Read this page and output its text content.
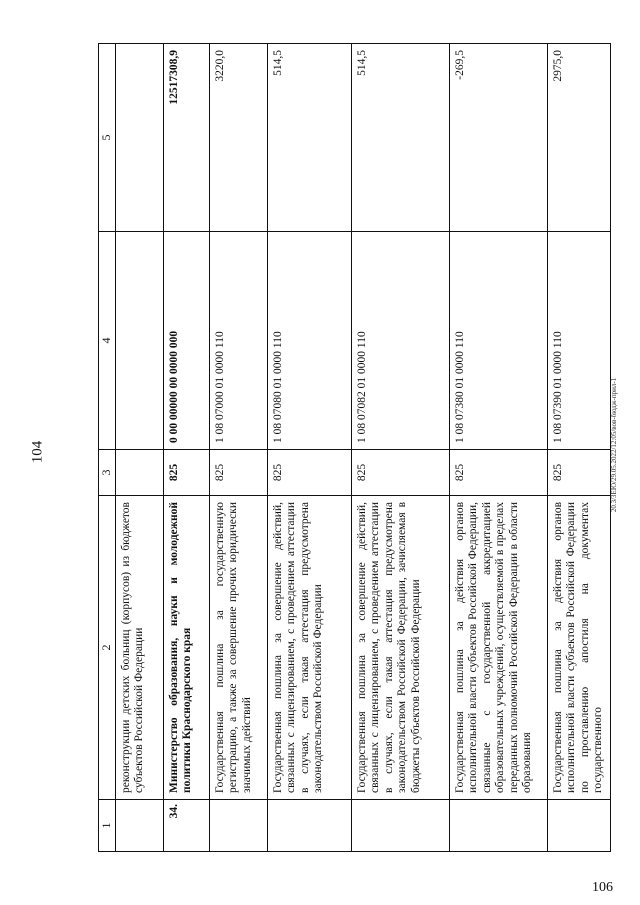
104
1	2	3	4	5
	реконструкции детских больниц (корпусов) из бюджетов субъектов Российской Федерации			
34.	Министерство образования, науки и молодежной политики Краснодарского края	825	0 00 00000 00 0000 000	12517308,9
	Государственная пошлина за государственную регистрацию, а также за совершение прочих юридически значимых действий	825	1 08 07000 01 0000 110	3220,0
	Государственная пошлина за совершение действий, связанных с лицензированием, с проведением аттестации в случаях, если такая аттестация предусмотрена законодательством Российской Федерации	825	1 08 07080 01 0000 110	514,5
	Государственная пошлина за совершение действий, связанных с лицензированием, с проведением аттестации в случаях, если такая аттестация предусмотрена законодательством Российской Федерации, зачисляемая в бюджеты субъектов Российской Федерации	825	1 08 07082 01 0000 110	514,5
	Государственная пошлина за действия органов исполнительной власти субъектов Российской Федерации, связанные с государственной аккредитацией образовательных учреждений, осуществляемой в пределах переданных полномочий Российской Федерации в области образования	825	1 08 07380 01 0000 110	-269,5
	Государственная пошлина за действия органов исполнительной власти субъектов Российской Федерации по проставлению апостиля на документах государственного	825	1 08 07390 01 0000 110	2975,0
20.3/ЗЕЮ/29.05.2022/12:05/вов-бюдж-прил-1
106
